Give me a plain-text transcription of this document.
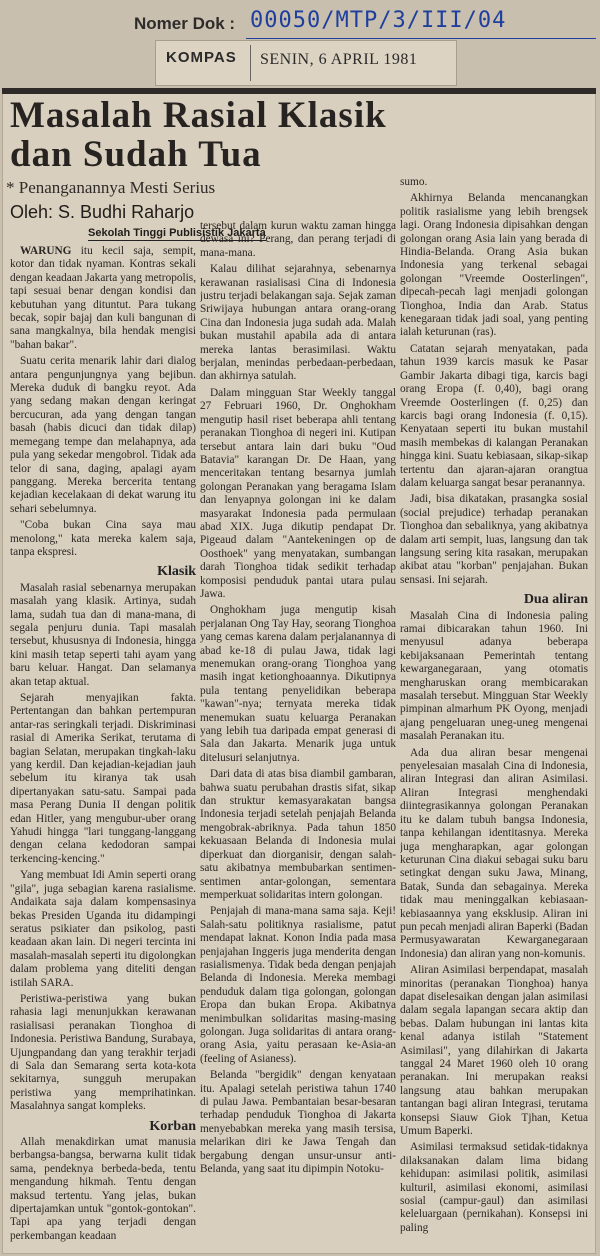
Nomer Dok : 00050/MTP/3/III/04
KOMPAS SENIN, 6 APRIL 1981
Masalah Rasial Klasik
dan Sudah Tua
* Penanganannya Mesti Serius
Oleh: S. Budhi Raharjo
Sekolah Tinggi Publisistik Jakarta

WARUNG itu kecil saja, sempit, kotor dan tidak nyaman. Kontras sekali dengan keadaan Jakarta yang metropolis, tapi sesuai benar dengan kondisi dan kebutuhan yang dituntut. Para tukang becak, sopir bajaj dan kuli bangunan di sana mangkalnya, bila hendak mengisi "bahan bakar".

Suatu cerita menarik lahir dari dialog antara pengunjungnya yang bejibun. Mereka duduk di bangku reyot. Ada yang sedang makan dengan keringat bercucuran, ada yang dengan tangan basah (habis dicuci dan tidak dilap) memegang tempe dan melahapnya, ada pula yang sekedar mengobrol. Tidak ada telor di sana, daging, apalagi ayam panggang. Mereka bercerita tentang kejadian kecelakaan di dekat warung itu sehari sebelumnya.

"Coba bukan Cina saya mau menolong," kata mereka kalem saja, tanpa ekspresi.

Klasik

Masalah rasial sebenarnya merupakan masalah yang klasik. Artinya, sudah lama, sudah tua dan di mana-mana, di segala penjuru dunia. Tapi masalah tersebut, khususnya di Indonesia, hingga kini masih tetap seperti tahi ayam yang baru keluar. Hangat. Dan selamanya akan tetap aktual.

Sejarah menyajikan fakta. Pertentangan dan bahkan pertempuran antar-ras seringkali terjadi. Diskriminasi rasial di Amerika Serikat, terutama di bagian Selatan, merupakan tingkah-laku yang kerdil. Dan kejadian-kejadian jauh sebelum itu kiranya tak usah dipertanyakan satu-satu. Sampai pada masa Perang Dunia II dengan politik edan Hitler, yang mengubur-uber orang Yahudi hingga "lari tunggang-langgang dengan celana kedodoran sampai terkencing-kencing."

Yang membuat Idi Amin seperti orang "gila", juga sebagian karena rasialisme. Andaikata saja dalam kompensasinya bekas Presiden Uganda itu didampingi seratus psikiater dan psikolog, pasti keadaan akan lain. Di negeri tercinta ini masalah-masalah seperti itu digolongkan dalam problema yang diteliti dengan istilah SARA.

Peristiwa-peristiwa yang bukan rahasia lagi menunjukkan kerawanan rasialisasi peranakan Tionghoa di Indonesia. Peristiwa Bandung, Surabaya, Ujungpandang dan yang terakhir terjadi di Sala dan Semarang serta kota-kota sekitarnya, sungguh merupakan peristiwa yang memprihatinkan. Masalahnya sangat kompleks.

Korban

Allah menakdirkan umat manusia berbangsa-bangsa, berwarna kulit tidak sama, pendeknya berbeda-beda, tentu mengandung hikmah. Tentu dengan maksud tertentu. Yang jelas, bukan dipertajamkan untuk "gontok-gontokan". Tapi apa yang terjadi dengan perkembangan keadaan

tersebut dalam kurun waktu zaman hingga dewasa ini? Perang, dan perang terjadi di mana-mana.

Kalau dilihat sejarahnya, sebenarnya kerawanan rasialisasi Cina di Indonesia justru terjadi belakangan saja. Sejak zaman Sriwijaya hubungan antara orang-orang Cina dan Indonesia juga sudah ada. Malah bukan mustahil apabila ada di antara mereka lantas berasimilasi. Waktu berjalan, menindas perbedaan-perbedaan, dan akhirnya satulah.

Dalam mingguan Star Weekly tanggal 27 Februari 1960, Dr. Onghokham mengutip hasil riset beberapa ahli tentang peranakan Tionghoa di negeri ini. Kutipan tersebut antara lain dari buku "Oud Batavia" karangan Dr. De Haan, yang menceritakan tentang besarnya jumlah golongan Peranakan yang beragama Islam dan lenyapnya golongan ini ke dalam masyarakat Indonesia pada permulaan abad XIX. Juga dikutip pendapat Dr. Pigeaud dalam "Aantekeningen op de Oosthoek" yang menyatakan, sumbangan darah Tionghoa tidak sedikit terhadap komposisi penduduk pantai utara pulau Jawa.

Onghokham juga mengutip kisah perjalanan Ong Tay Hay, seorang Tionghoa yang cemas karena dalam perjalanannya di abad ke-18 di pulau Jawa, tidak lagi menemukan orang-orang Tionghoa yang masih ingat ketionghoaannya. Dikutipnya pula tentang penyelidikan beberapa "kawan"-nya; ternyata mereka tidak menemukan suatu keluarga Peranakan yang lebih tua daripada empat generasi di Sala dan Jakarta. Menarik juga untuk ditelusuri selanjutnya.

Dari data di atas bisa diambil gambaran, bahwa suatu perubahan drastis sifat, sikap dan struktur kemasyarakatan bangsa Indonesia terjadi setelah penjajah Belanda mengobrak-abriknya. Pada tahun 1850 kekuasaan Belanda di Indonesia mulai diperkuat dan diorganisir, dengan salah-satu akibatnya membubarkan sentimen-sentimen antar-golongan, sementara memperkuat solidaritas intern golongan.

Penjajah di mana-mana sama saja. Keji! Salah-satu politiknya rasialisme, patut mendapat laknat. Konon India pada masa penjajahan Inggeris juga menderita dengan rasialismenya. Tidak beda dengan penjajah Belanda di Indonesia. Mereka membagi penduduk dalam tiga golongan, golongan Eropa dan bukan Eropa. Akibatnya menimbulkan solidaritas masing-masing golongan. Juga solidaritas di antara orang-orang Asia, yaitu perasaan ke-Asia-an (feeling of Asianess).

Belanda "bergidik" dengan kenyataan itu. Apalagi setelah peristiwa tahun 1740 di pulau Jawa. Pembantaian besar-besaran terhadap penduduk Tionghoa di Jakarta menyebabkan mereka yang masih tersisa, melarikan diri ke Jawa Tengah dan bergabung dengan unsur-unsur anti-Belanda, yang saat itu dipimpin Notoku-

sumo.

Akhirnya Belanda mencanangkan politik rasialisme yang lebih brengsek lagi. Orang Indonesia dipisahkan dengan golongan orang Asia lain yang berada di Hindia-Belanda. Orang Asia bukan Indonesia yang terkenal sebagai golongan "Vreemde Oosterlingen", dipecah-pecah lagi menjadi golongan Tionghoa, India dan Arab. Status kenegaraan tidak jadi soal, yang penting ialah keturunan (ras).

Catatan sejarah menyatakan, pada tahun 1939 karcis masuk ke Pasar Gambir Jakarta dibagi tiga, karcis bagi orang Eropa (f. 0,40), bagi orang Vreemde Oosterlingen (f. 0,25) dan karcis bagi orang Indonesia (f. 0,15). Kenyataan seperti itu bukan mustahil masih membekas di kalangan Peranakan hingga kini. Suatu kebiasaan, sikap-sikap tertentu dan ajaran-ajaran orangtua dalam keluarga sangat besar peranannya.

Jadi, bisa dikatakan, prasangka sosial (social prejudice) terhadap peranakan Tionghoa dan sebaliknya, yang akibatnya dalam arti sempit, luas, langsung dan tak langsung sering kita rasakan, merupakan akibat atau "korban" penjajahan. Bukan sensasi. Ini sejarah.

Dua aliran

Masalah Cina di Indonesia paling ramai dibicarakan tahun 1960. Ini menyusul adanya beberapa kebijaksanaan Pemerintah tentang kewarganegaraan, yang otomatis mengharuskan orang membicarakan masalah tersebut. Mingguan Star Weekly pimpinan almarhum PK Oyong, menjadi ajang pengeluaran uneg-uneg mengenai masalah Peranakan itu.

Ada dua aliran besar mengenai penyelesaian masalah Cina di Indonesia, aliran Integrasi dan aliran Asimilasi. Aliran Integrasi menghendaki diintegrasikannya golongan Peranakan itu ke dalam tubuh bangsa Indonesia, tanpa kehilangan identitasnya. Mereka juga mengharapkan, agar golongan keturunan Cina diakui sebagai suku baru setingkat dengan suku Jawa, Minang, Batak, Sunda dan sebagainya. Mereka tidak mau meninggalkan kebiasaan-kebiasaannya yang eksklusip. Aliran ini pun pecah menjadi aliran Baperki (Badan Permusyawaratan Kewarganegaraan Indonesia) dan aliran yang non-komunis.

Aliran Asimilasi berpendapat, masalah minoritas (peranakan Tionghoa) hanya dapat diselesaikan dengan jalan asimilasi dalam segala lapangan secara aktip dan bebas. Dalam hubungan ini lantas kita kenal adanya istilah "Statement Asimilasi", yang dilahirkan di Jakarta tanggal 24 Maret 1960 oleh 10 orang peranakan. Ini merupakan reaksi langsung atau bahkan merupakan tantangan bagi aliran Integrasi, terutama konsepsi Siauw Giok Tjhan, Ketua Umum Baperki.

Asimilasi termaksud setidak-tidaknya dilaksanakan dalam lima bidang kehidupan: asimilasi politik, asimilasi kulturil, asimilasi ekonomi, asimilasi sosial (campur-gaul) dan asimilasi keleluargaan (pernikahan). Konsepsi ini paling
